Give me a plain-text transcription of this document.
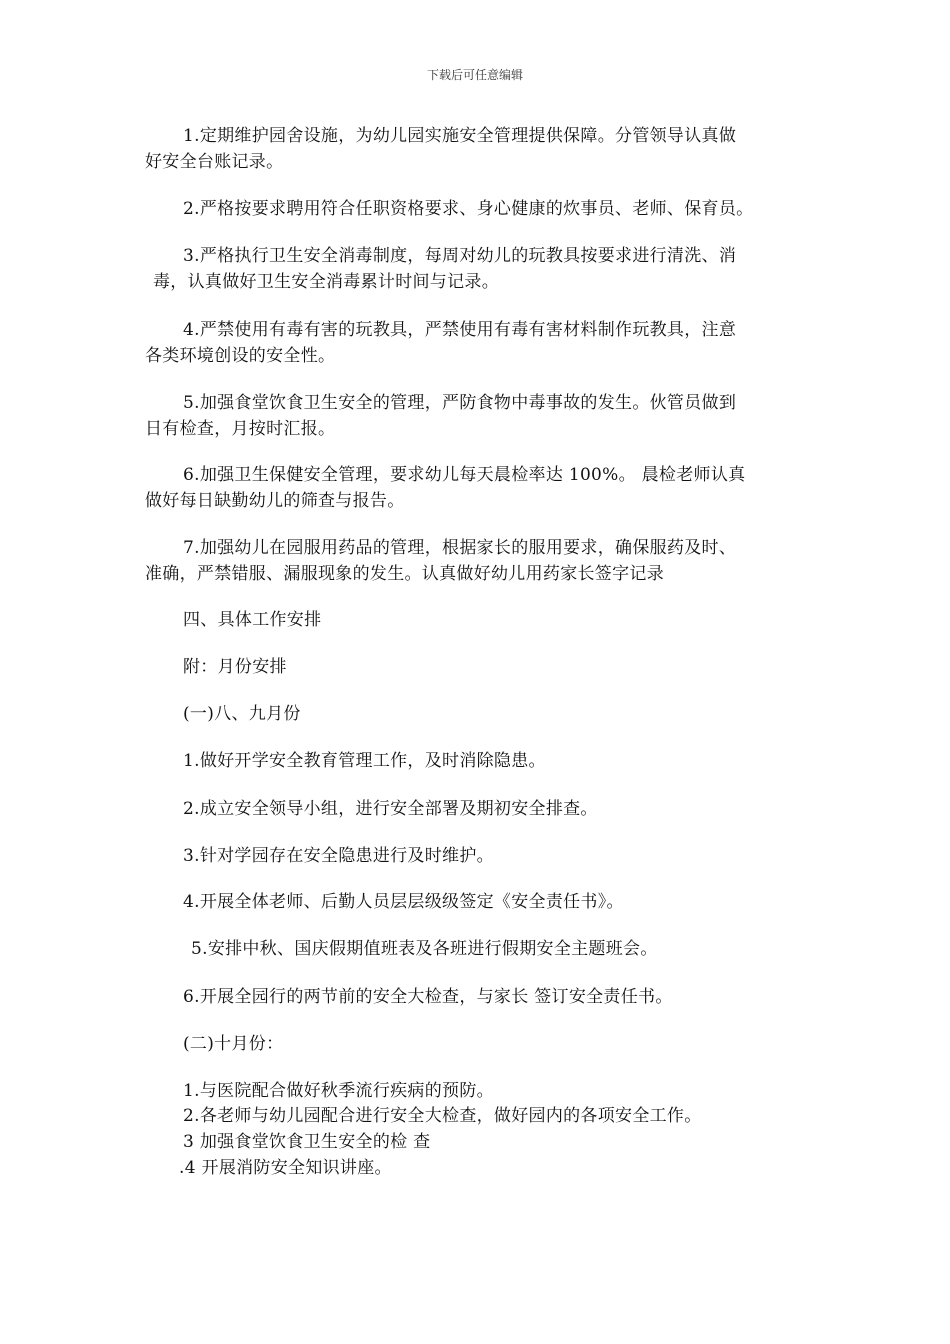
下载后可任意编辑
1.定期维护园舍设施，为幼儿园实施安全管理提供保障。分管领导认真做
好安全台账记录。
2.严格按要求聘用符合任职资格要求、身心健康的炊事员、老师、保育员。
3.严格执行卫生安全消毒制度，每周对幼儿的玩教具按要求进行清洗、消
毒，认真做好卫生安全消毒累计时间与记录。
4.严禁使用有毒有害的玩教具，严禁使用有毒有害材料制作玩教具，注意
各类环境创设的安全性。
5.加强食堂饮食卫生安全的管理，严防食物中毒事故的发生。伙管员做到
日有检查，月按时汇报。
6.加强卫生保健安全管理，要求幼儿每天晨检率达 100%。 晨检老师认真
做好每日缺勤幼儿的筛查与报告。
7.加强幼儿在园服用药品的管理，根据家长的服用要求，确保服药及时、
准确，严禁错服、漏服现象的发生。认真做好幼儿用药家长签字记录
四、具体工作安排
附：月份安排
(一)八、九月份
1.做好开学安全教育管理工作，及时消除隐患。
2.成立安全领导小组，进行安全部署及期初安全排查。
3.针对学园存在安全隐患进行及时维护。
4.开展全体老师、后勤人员层层级级签定《安全责任书》。
5.安排中秋、国庆假期值班表及各班进行假期安全主题班会。
6.开展全园行的两节前的安全大检查，与家长 签订安全责任书。
(二)十月份：
1.与医院配合做好秋季流行疾病的预防。
2.各老师与幼儿园配合进行安全大检查，做好园内的各项安全工作。
3 加强食堂饮食卫生安全的检 查
.4 开展消防安全知识讲座。
